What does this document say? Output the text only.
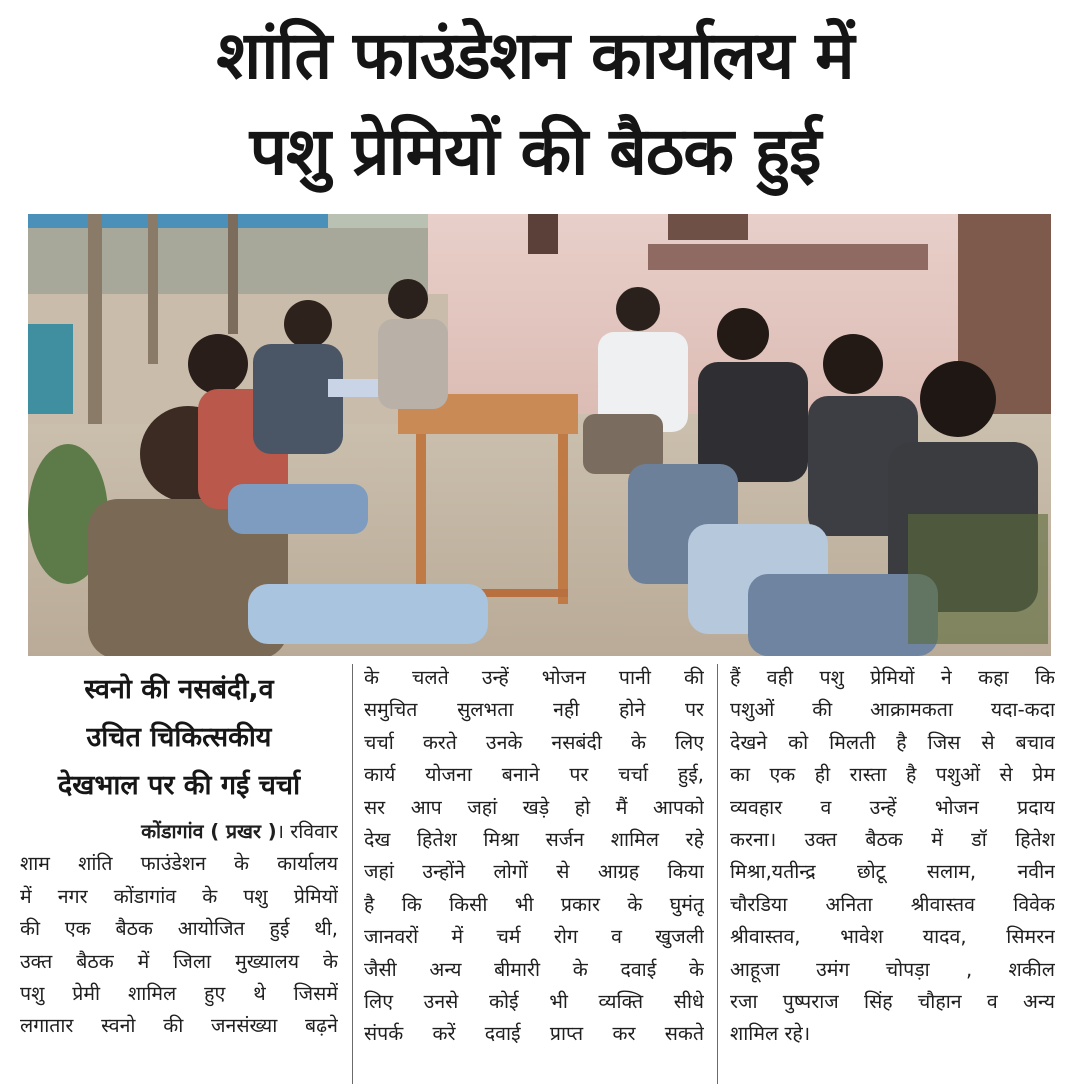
शांति फाउंडेशन कार्यालय में
पशु प्रेमियों की बैठक हुई
स्वनो की नसबंदी,व
उचित चिकित्सकीय
देखभाल पर की गई चर्चा
कोंडागांव ( प्रखर )। रविवार
शाम शांति फाउंडेशन के कार्यालय
में नगर कोंडागांव के पशु प्रेमियों
की एक बैठक आयोजित हुई थी,
उक्त बैठक में जिला मुख्यालय के
पशु प्रेमी शामिल हुए थे जिसमें
लगातार स्वनो की जनसंख्या बढ़ने
के चलते उन्हें भोजन पानी की
समुचित सुलभता नही होने पर
चर्चा करते उनके नसबंदी के लिए
कार्य योजना बनाने पर चर्चा हुई,
सर आप जहां खड़े हो मैं आपको
देख हितेश मिश्रा सर्जन शामिल रहे
जहां उन्होंने लोगों से आग्रह किया
है कि किसी भी प्रकार के घुमंतू
जानवरों में चर्म रोग व खुजली
जैसी अन्य बीमारी के दवाई के
लिए उनसे कोई भी व्यक्ति सीधे
संपर्क करें दवाई प्राप्त कर सकते
हैं वही पशु प्रेमियों ने कहा कि
पशुओं की आक्रामकता यदा-कदा
देखने को मिलती है जिस से बचाव
का एक ही रास्ता है पशुओं से प्रेम
व्यवहार व उन्हें भोजन प्रदाय
करना। उक्त बैठक में डॉ हितेश
मिश्रा,यतीन्द्र छोटू सलाम, नवीन
चौरडिया अनिता श्रीवास्तव विवेक
श्रीवास्तव, भावेश यादव, सिमरन
आहूजा उमंग चोपड़ा , शकील
रजा पुष्पराज सिंह चौहान व अन्य
शामिल रहे।
